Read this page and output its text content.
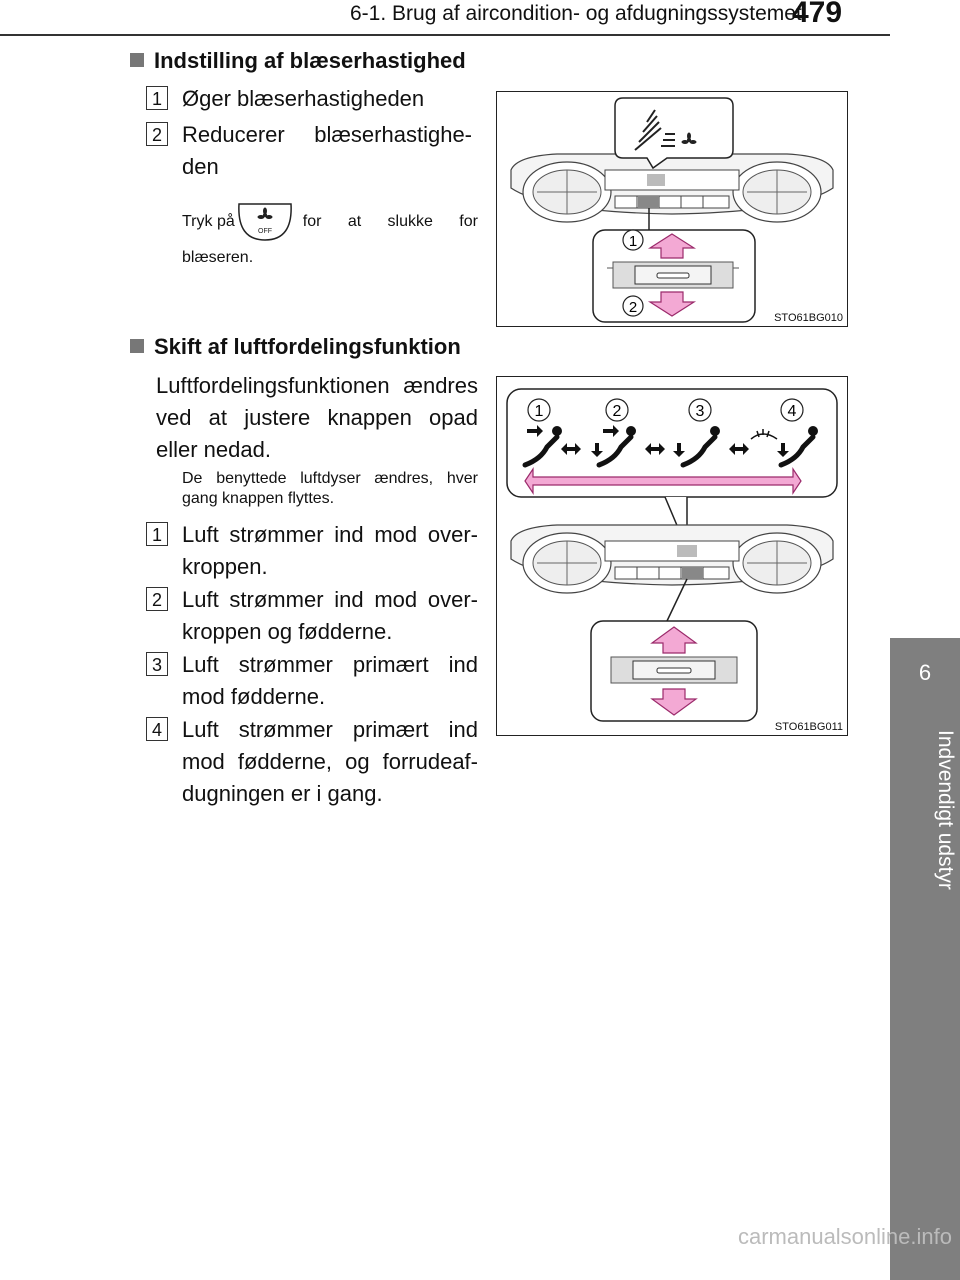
6-1. Brug af aircondition- og afdugningssystemet
479
6
Indvendigt udstyr
Indstilling af blæserhastighed
1 Øger blæserhastigheden
2 Reducerer blæserhastighe-
den
Tryk på
OFF
for at slukke for
blæseren.
1
2
STO61BG010
Skift af luftfordelingsfunktion
Luftfordelingsfunktionen ændres ved at justere knappen opad eller nedad.
De benyttede luftdyser ændres, hver gang knappen flyttes.
1 Luft strømmer ind mod over-kroppen.
2 Luft strømmer ind mod over-kroppen og fødderne.
3 Luft strømmer primært ind mod fødderne.
4 Luft strømmer primært ind mod fødderne, og forrudeaf-dugningen er i gang.
1	2	3	4
STO61BG011
carmanualsonline.info
